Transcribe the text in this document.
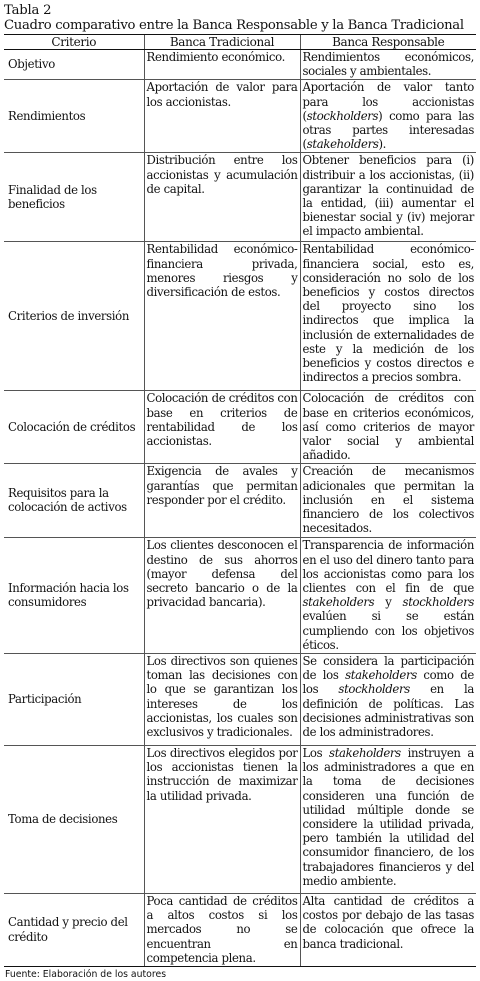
Tabla 2
Cuadro comparativo entre la Banca Responsable y la Banca Tradicional
Criterio	Banca Tradicional	Banca Responsable
Objetivo	Rendimiento económico.	Rendimientos económicos, sociales y ambientales.
Rendimientos	Aportación de valor para los accionistas.	Aportación de valor tanto para los accionistas (stockholders) como para las otras partes interesadas (stakeholders).
Finalidad de los beneficios	Distribución entre los accionistas y acumulación de capital.	Obtener beneficios para (i) distribuir a los accionistas, (ii) garantizar la continuidad de la entidad, (iii) aumentar el bienestar social y (iv) mejorar el impacto ambiental.
Criterios de inversión	Rentabilidad económico-financiera privada, menores riesgos y diversificación de estos.	Rentabilidad económico-financiera social, esto es, consideración no solo de los beneficios y costos directos del proyecto sino los indirectos que implica la inclusión de externalidades de este y la medición de los beneficios y costos directos e indirectos a precios sombra.
Colocación de créditos	Colocación de créditos con base en criterios de rentabilidad de los accionistas.	Colocación de créditos con base en criterios económicos, así como criterios de mayor valor social y ambiental añadido.
Requisitos para la colocación de activos	Exigencia de avales y garantías que permitan responder por el crédito.	Creación de mecanismos adicionales que permitan la inclusión en el sistema financiero de los colectivos necesitados.
Información hacia los consumidores	Los clientes desconocen el destino de sus ahorros (mayor defensa del secreto bancario o de la privacidad bancaria).	Transparencia de información en el uso del dinero tanto para los accionistas como para los clientes con el fin de que stakeholders y stockholders evalúen si se están cumpliendo con los objetivos éticos.
Participación	Los directivos son quienes toman las decisiones con lo que se garantizan los intereses de los accionistas, los cuales son exclusivos y tradicionales.	Se considera la participación de los stakeholders como de los stockholders en la definición de políticas. Las decisiones administrativas son de los administradores.
Toma de decisiones	Los directivos elegidos por los accionistas tienen la instrucción de maximizar la utilidad privada.	Los stakeholders instruyen a los administradores a que en la toma de decisiones consideren una función de utilidad múltiple donde se considere la utilidad privada, pero también la utilidad del consumidor financiero, de los trabajadores financieros y del medio ambiente.
Cantidad y precio del crédito	Poca cantidad de créditos a altos costos si los mercados no se encuentran en competencia plena.	Alta cantidad de créditos a costos por debajo de las tasas de colocación que ofrece la banca tradicional.
Fuente: Elaboración de los autores
